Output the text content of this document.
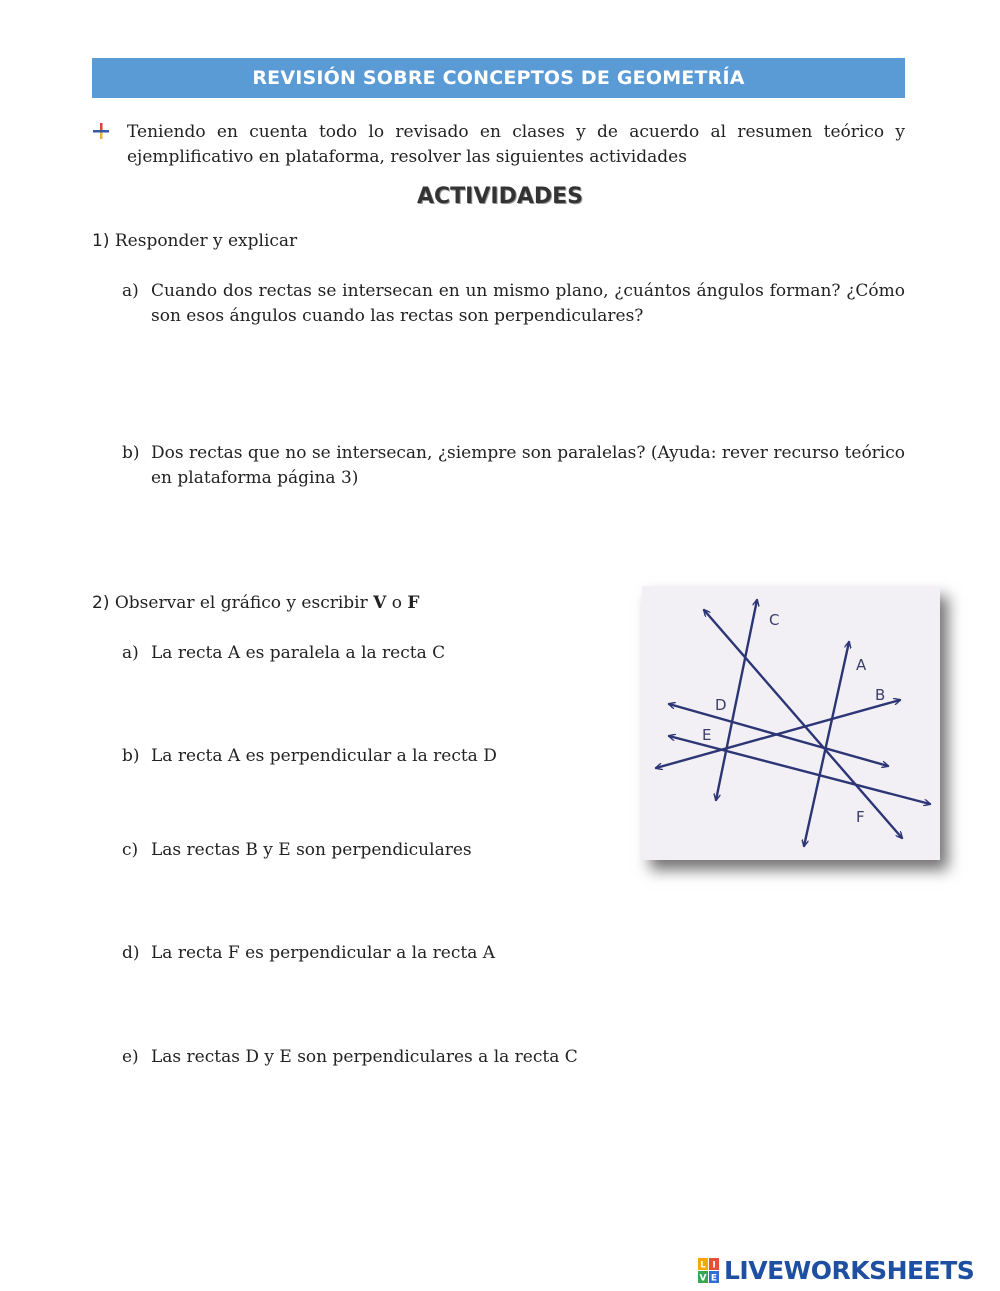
REVISIÓN SOBRE CONCEPTOS DE GEOMETRÍA
Teniendo en cuenta todo lo revisado en clases y de acuerdo al resumen teórico y ejemplificativo en plataforma, resolver las siguientes actividades
ACTIVIDADES
1) Responder y explicar
a) Cuando dos rectas se intersecan en un mismo plano, ¿cuántos ángulos forman? ¿Cómo son esos ángulos cuando las rectas son perpendiculares?
b) Dos rectas que no se intersecan, ¿siempre son paralelas? (Ayuda: rever recurso teórico en plataforma página 3)
2) Observar el gráfico y escribir V o F
a) La recta A es paralela a la recta C
b) La recta A es perpendicular a la recta D
c) Las rectas B y E son perpendiculares
d) La recta F es perpendicular a la recta A
e) Las rectas D y E son perpendiculares a la recta C
C
A
B
D
E
F
L I
V E LIVEWORKSHEETS
